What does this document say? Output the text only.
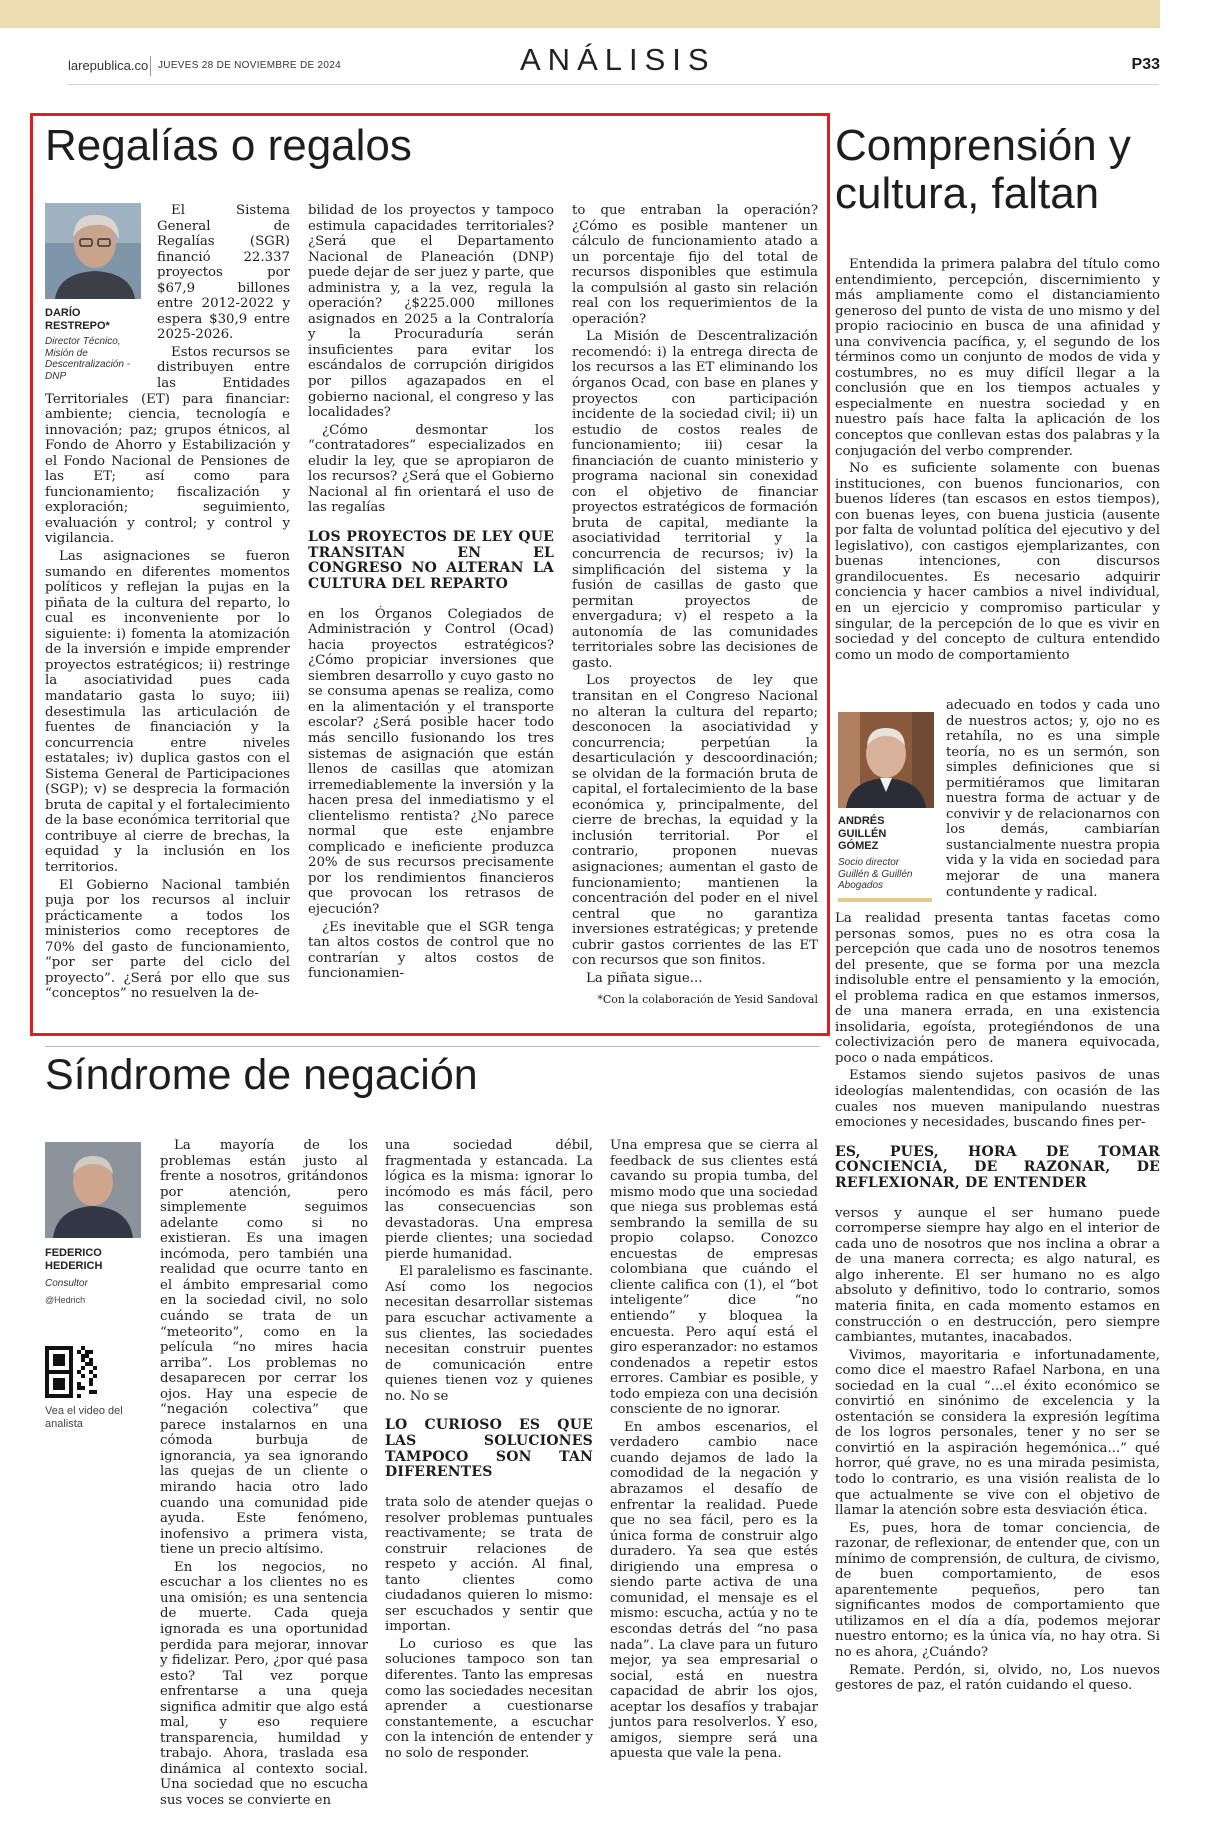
larepublica.co JUEVES 28 DE NOVIEMBRE DE 2024	ANÁLISIS	P33
Regalías o regalos
DARÍO RESTREPO*
Director Técnico, Misión de Descentralización - DNP

El Sistema General de Regalías (SGR) financió 22.337 proyectos por $67,9 billones entre 2012-2022 y espera $30,9 entre 2025-2026.

Estos recursos se distribuyen entre las Entidades Territoriales (ET) para financiar: ambiente; ciencia, tecnología e innovación; paz; grupos étnicos, al Fondo de Ahorro y Estabilización y el Fondo Nacional de Pensiones de las ET; así como para funcionamiento; fiscalización y exploración; seguimiento, evaluación y control; y control y vigilancia.

Las asignaciones se fueron sumando en diferentes momentos políticos y reflejan la pujas en la piñata de la cultura del reparto, lo cual es inconveniente por lo siguiente: i) fomenta la atomización de la inversión e impide emprender proyectos estratégicos; ii) restringe la asociatividad pues cada mandatario gasta lo suyo; iii) desestimula las articulación de fuentes de financiación y la concurrencia entre niveles estatales; iv) duplica gastos con el Sistema General de Participaciones (SGP); v) se desprecia la formación bruta de capital y el fortalecimiento de la base económica territorial que contribuye al cierre de brechas, la equidad y la inclusión en los territorios.

El Gobierno Nacional también puja por los recursos al incluir prácticamente a todos los ministerios como receptores de 70% del gasto de funcionamiento, “por ser parte del ciclo del proyecto”. ¿Será por ello que sus “conceptos” no resuelven la de-

bilidad de los proyectos y tampoco estimula capacidades territoriales? ¿Será que el Departamento Nacional de Planeación (DNP) puede dejar de ser juez y parte, que administra y, a la vez, regula la operación? ¿$225.000 millones asignados en 2025 a la Contraloría y la Procuraduría serán insuficientes para evitar los escándalos de corrupción dirigidos por pillos agazapados en el gobierno nacional, el congreso y las localidades?

¿Cómo desmontar los “contratadores” especializados en eludir la ley, que se apropiaron de los recursos? ¿Será que el Gobierno Nacional al fin orientará el uso de las regalías

LOS PROYECTOS DE LEY QUE TRANSITAN EN EL CONGRESO NO ALTERAN LA CULTURA DEL REPARTO

en los Órganos Colegiados de Administración y Control (Ocad) hacia proyectos estratégicos? ¿Cómo propiciar inversiones que siembren desarrollo y cuyo gasto no se consuma apenas se realiza, como en la alimentación y el transporte escolar? ¿Será posible hacer todo más sencillo fusionando los tres sistemas de asignación que están llenos de casillas que atomizan irremediablemente la inversión y la hacen presa del inmediatismo y el clientelismo rentista? ¿No parece normal que este enjambre complicado e ineficiente produzca 20% de sus recursos precisamente por los rendimientos financieros que provocan los retrasos de ejecución?

¿Es inevitable que el SGR tenga tan altos costos de control que no contrarían y altos costos de funcionamien-

to que entraban la operación? ¿Cómo es posible mantener un cálculo de funcionamiento atado a un porcentaje fijo del total de recursos disponibles que estimula la compulsión al gasto sin relación real con los requerimientos de la operación?

La Misión de Descentralización recomendó: i) la entrega directa de los recursos a las ET eliminando los órganos Ocad, con base en planes y proyectos con participación incidente de la sociedad civil; ii) un estudio de costos reales de funcionamiento; iii) cesar la financiación de cuanto ministerio y programa nacional sin conexidad con el objetivo de financiar proyectos estratégicos de formación bruta de capital, mediante la asociatividad territorial y la concurrencia de recursos; iv) la simplificación del sistema y la fusión de casillas de gasto que permitan proyectos de envergadura; v) el respeto a la autonomía de las comunidades territoriales sobre las decisiones de gasto.

Los proyectos de ley que transitan en el Congreso Nacional no alteran la cultura del reparto; desconocen la asociatividad y concurrencia; perpetúan la desarticulación y descoordinación; se olvidan de la formación bruta de capital, el fortalecimiento de la base económica y, principalmente, del cierre de brechas, la equidad y la inclusión territorial. Por el contrario, proponen nuevas asignaciones; aumentan el gasto de funcionamiento; mantienen la concentración del poder en el nivel central que no garantiza inversiones estratégicas; y pretende cubrir gastos corrientes de las ET con recursos que son finitos.

La piñata sigue...

*Con la colaboración de Yesid Sandoval
Comprensión y cultura, faltan

Entendida la primera palabra del título como entendimiento, percepción, discernimiento y más ampliamente como el distanciamiento generoso del punto de vista de uno mismo y del propio raciocinio en busca de una afinidad y una convivencia pacífica, y, el segundo de los términos como un conjunto de modos de vida y costumbres, no es muy difícil llegar a la conclusión que en los tiempos actuales y especialmente en nuestra sociedad y en nuestro país hace falta la aplicación de los conceptos que conllevan estas dos palabras y la conjugación del verbo comprender.

No es suficiente solamente con buenas instituciones, con buenos funcionarios, con buenos líderes (tan escasos en estos tiempos), con buenas leyes, con buena justicia (ausente por falta de voluntad política del ejecutivo y del legislativo), con castigos ejemplarizantes, con buenas intenciones, con discursos grandilocuentes. Es necesario adquirir conciencia y hacer cambios a nivel individual, en un ejercicio y compromiso particular y singular, de la percepción de lo que es vivir en sociedad y del concepto de cultura entendido como un modo de comportamiento

ANDRÉS GUILLÉN GÓMEZ
Socio director Guillén & Guillén Abogados

adecuado en todos y cada uno de nuestros actos; y, ojo no es retahíla, no es una simple teoría, no es un sermón, son simples definiciones que si permitiéramos que limitaran nuestra forma de actuar y de convivir y de relacionarnos con los demás, cambiarían sustancialmente nuestra propia vida y la vida en sociedad para mejorar de una manera contundente y radical.

La realidad presenta tantas facetas como personas somos, pues no es otra cosa la percepción que cada uno de nosotros tenemos del presente, que se forma por una mezcla indisoluble entre el pensamiento y la emoción, el problema radica en que estamos inmersos, de una manera errada, en una existencia insolidaria, egoísta, protegiéndonos de una colectivización pero de manera equivocada, poco o nada empáticos.

Estamos siendo sujetos pasivos de unas ideologías malentendidas, con ocasión de las cuales nos mueven manipulando nuestras emociones y necesidades, buscando fines per-

ES, PUES, HORA DE TOMAR CONCIENCIA, DE RAZONAR, DE REFLEXIONAR, DE ENTENDER

versos y aunque el ser humano puede corromperse siempre hay algo en el interior de cada uno de nosotros que nos inclina a obrar a de una manera correcta; es algo natural, es algo inherente. El ser humano no es algo absoluto y definitivo, todo lo contrario, somos materia finita, en cada momento estamos en construcción o en destrucción, pero siempre cambiantes, mutantes, inacabados.

Vivimos, mayoritaria e infortunadamente, como dice el maestro Rafael Narbona, en una sociedad en la cual “...el éxito económico se convirtió en sinónimo de excelencia y la ostentación se considera la expresión legítima de los logros personales, tener y no ser se convirtió en la aspiración hegemónica...” qué horror, qué grave, no es una mirada pesimista, todo lo contrario, es una visión realista de lo que actualmente se vive con el objetivo de llamar la atención sobre esta desviación ética.

Es, pues, hora de tomar conciencia, de razonar, de reflexionar, de entender que, con un mínimo de comprensión, de cultura, de civismo, de buen comportamiento, de esos aparentemente pequeños, pero tan significantes modos de comportamiento que utilizamos en el día a día, podemos mejorar nuestro entorno; es la única vía, no hay otra. Si no es ahora, ¿Cuándo?

Remate. Perdón, si, olvido, no, Los nuevos gestores de paz, el ratón cuidando el queso.

Síndrome de negación
FEDERICO HEDERICH
Consultor
@Hedrich
Vea el video del analista

La mayoría de los problemas están justo al frente a nosotros, gritándonos por atención, pero simplemente seguimos adelante como si no existieran. Es una imagen incómoda, pero también una realidad que ocurre tanto en el ámbito empresarial como en la sociedad civil, no solo cuándo se trata de un “meteorito”, como en la película “no mires hacia arriba”. Los problemas no desaparecen por cerrar los ojos. Hay una especie de “negación colectiva” que parece instalarnos en una cómoda burbuja de ignorancia, ya sea ignorando las quejas de un cliente o mirando hacia otro lado cuando una comunidad pide ayuda. Este fenómeno, inofensivo a primera vista, tiene un precio altísimo.

En los negocios, no escuchar a los clientes no es una omisión; es una sentencia de muerte. Cada queja ignorada es una oportunidad perdida para mejorar, innovar y fidelizar. Pero, ¿por qué pasa esto? Tal vez porque enfrentarse a una queja significa admitir que algo está mal, y eso requiere transparencia, humildad y trabajo. Ahora, traslada esa dinámica al contexto social. Una sociedad que no escucha sus voces se convierte en

una sociedad débil, fragmentada y estancada. La lógica es la misma: ignorar lo incómodo es más fácil, pero las consecuencias son devastadoras. Una empresa pierde clientes; una sociedad pierde humanidad.

El paralelismo es fascinante. Así como los negocios necesitan desarrollar sistemas para escuchar activamente a sus clientes, las sociedades necesitan construir puentes de comunicación entre quienes tienen voz y quienes no. No se

LO CURIOSO ES QUE LAS SOLUCIONES TAMPOCO SON TAN DIFERENTES

trata solo de atender quejas o resolver problemas puntuales reactivamente; se trata de construir relaciones de respeto y acción. Al final, tanto clientes como ciudadanos quieren lo mismo: ser escuchados y sentir que importan.

Lo curioso es que las soluciones tampoco son tan diferentes. Tanto las empresas como las sociedades necesitan aprender a cuestionarse constantemente, a escuchar con la intención de entender y no solo de responder.

Una empresa que se cierra al feedback de sus clientes está cavando su propia tumba, del mismo modo que una sociedad que niega sus problemas está sembrando la semilla de su propio colapso. Conozco encuestas de empresas colombiana que cuándo el cliente califica con (1), el “bot inteligente” dice “no entiendo” y bloquea la encuesta. Pero aquí está el giro esperanzador: no estamos condenados a repetir estos errores. Cambiar es posible, y todo empieza con una decisión consciente de no ignorar.

En ambos escenarios, el verdadero cambio nace cuando dejamos de lado la comodidad de la negación y abrazamos el desafío de enfrentar la realidad. Puede que no sea fácil, pero es la única forma de construir algo duradero. Ya sea que estés dirigiendo una empresa o siendo parte activa de una comunidad, el mensaje es el mismo: escucha, actúa y no te escondas detrás del “no pasa nada”. La clave para un futuro mejor, ya sea empresarial o social, está en nuestra capacidad de abrir los ojos, aceptar los desafíos y trabajar juntos para resolverlos. Y eso, amigos, siempre será una apuesta que vale la pena.
